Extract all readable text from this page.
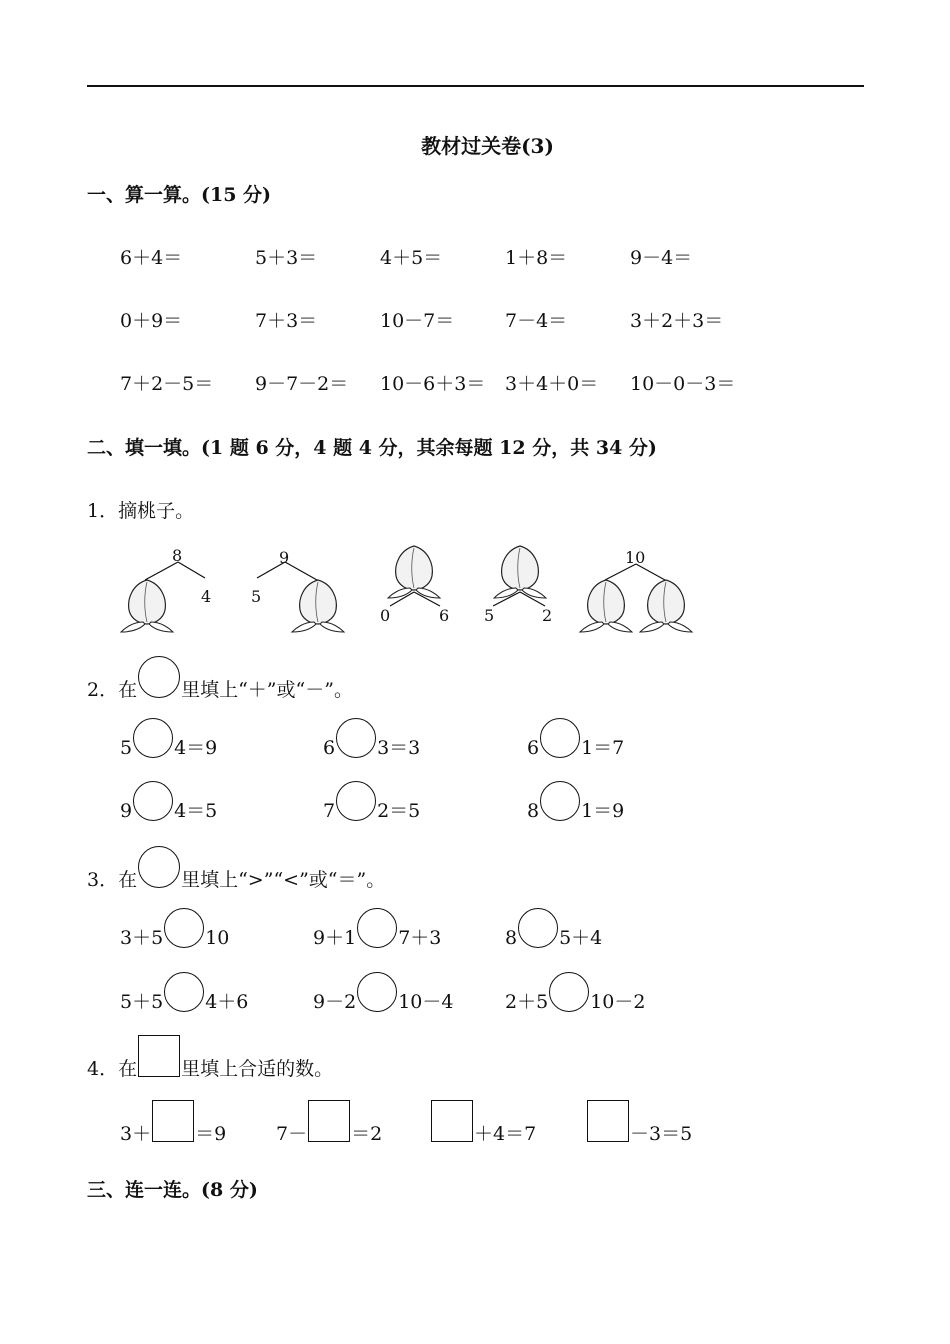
教材过关卷(3)
一、算一算。(15 分)
6＋4＝	5＋3＝	4＋5＝	1＋8＝	9－4＝
0＋9＝	7＋3＝	10－7＝	7－4＝	3＋2＋3＝
7＋2－5＝ 9－7－2＝ 10－6＋3＝ 3＋4＋0＝ 10－0－3＝
二、填一填。(1 题 6 分，4 题 4 分，其余每题 12 分，共 34 分)
1．摘桃子。
8
4
9
5
0	6 5	2
10
2．在 里填上“＋”或“－”。
5 4＝9	6 3＝3	6 1＝7
9 4＝5	7 2＝5	8 1＝9
3．在 里填上“>”“<”或“＝”。
3＋5 10	9＋1 7＋3	8 5＋4
5＋5 4＋6	9－2 10－4	2＋5 10－2
4．在 里填上合适的数。
3＋ ＝9	7－ ＝2	＋4＝7	－3＝5
三、连一连。(8 分)
